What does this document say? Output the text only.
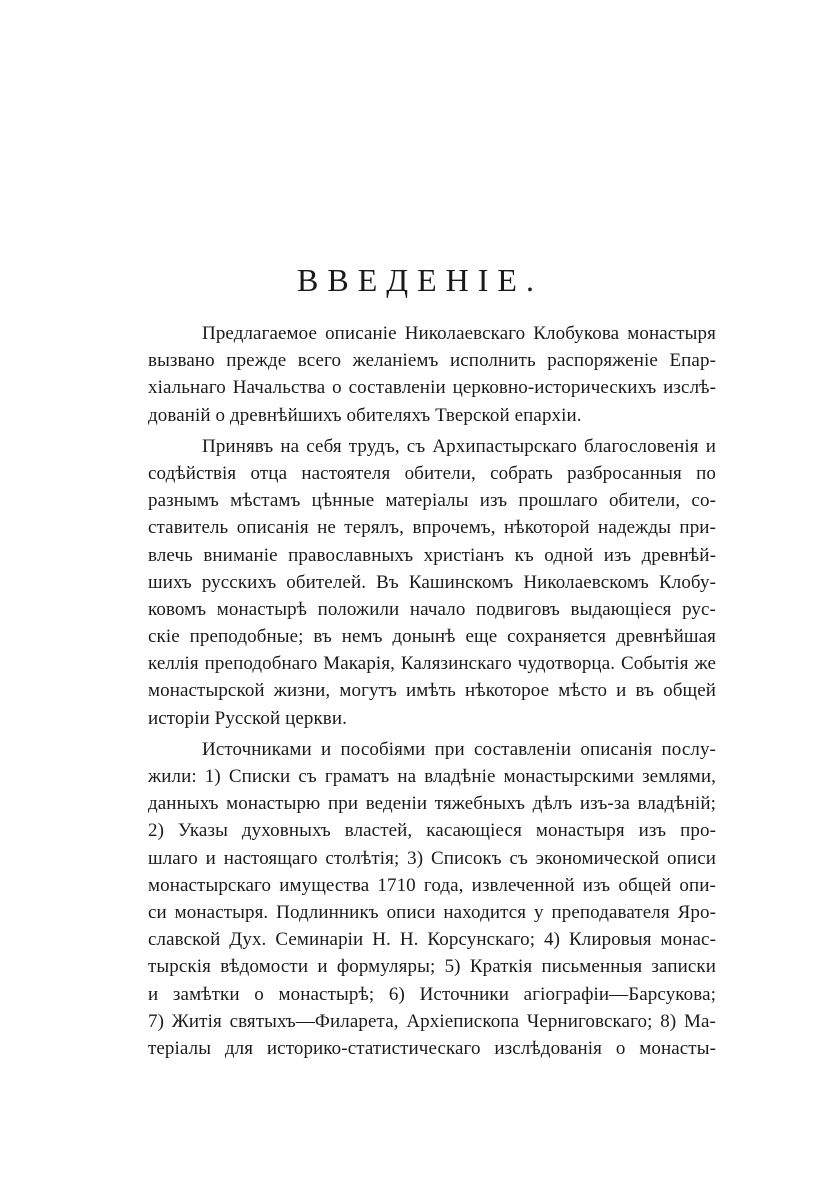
ВВЕДЕНІЕ.
Предлагаемое описаніе Николаевскаго Клобукова монастыря
вызвано прежде всего желаніемъ исполнить распоряженіе Епар-
хіальнаго Начальства о составленіи церковно-историческихъ изслѣ-
дованій о древнѣйшихъ обителяхъ Тверской епархіи.
Принявъ на себя трудъ, съ Архипастырскаго благословенія и
содѣйствія отца настоятеля обители, собрать разбросанныя по
разнымъ мѣстамъ цѣнные матеріалы изъ прошлаго обители, со-
ставитель описанія не терялъ, впрочемъ, нѣкоторой надежды при-
влечь вниманіе православныхъ христіанъ къ одной изъ древнѣй-
шихъ русскихъ обителей. Въ Кашинскомъ Николаевскомъ Клобу-
ковомъ монастырѣ положили начало подвиговъ выдающіеся рус-
скіе преподобные; въ немъ донынѣ еще сохраняется древнѣйшая
келлія преподобнаго Макарія, Калязинскаго чудотворца. Событія же
монастырской жизни, могутъ имѣть нѣкоторое мѣсто и въ общей
исторіи Русской церкви.
Источниками и пособіями при составленіи описанія послу-
жили: 1) Списки съ граматъ на владѣніе монастырскими землями,
данныхъ монастырю при веденіи тяжебныхъ дѣлъ изъ-за владѣній;
2) Указы духовныхъ властей, касающіеся монастыря изъ про-
шлаго и настоящаго столѣтія; 3) Списокъ съ экономической описи
монастырскаго имущества 1710 года, извлеченной изъ общей опи-
си монастыря. Подлинникъ описи находится у преподавателя Яро-
славской Дух. Семинаріи Н. Н. Корсунскаго; 4) Клировыя монас-
тырскія вѣдомости и формуляры; 5) Краткія письменныя записки
и замѣтки о монастырѣ; 6) Источники агіографіи—Барсукова;
7) Житія святыхъ—Филарета, Архіепископа Черниговскаго; 8) Ма-
теріалы для историко-статистическаго изслѣдованія о монасты-
